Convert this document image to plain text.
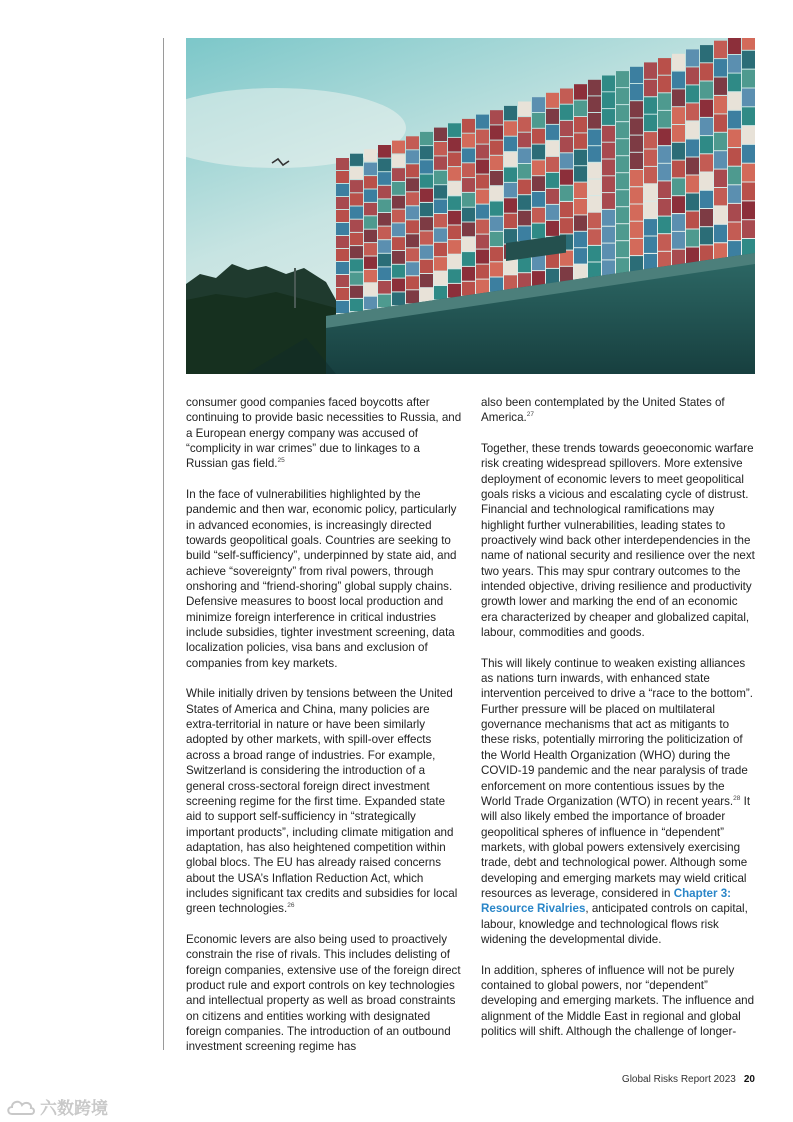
consumer good companies faced boycotts after continuing to provide basic necessities to Russia, and a European energy company was accused of “complicity in war crimes” due to linkages to a Russian gas field.$^{25}$

In the face of vulnerabilities highlighted by the pandemic and then war, economic policy, particularly in advanced economies, is increasingly directed towards geopolitical goals. Countries are seeking to build “self-sufficiency”, underpinned by state aid, and achieve “sovereignty” from rival powers, through onshoring and “friend-shoring” global supply chains. Defensive measures to boost local production and minimize foreign interference in critical industries include subsidies, tighter investment screening, data localization policies, visa bans and exclusion of companies from key markets.

While initially driven by tensions between the United States of America and China, many policies are extra-territorial in nature or have been similarly adopted by other markets, with spill-over effects across a broad range of industries. For example, Switzerland is considering the introduction of a general cross-sectoral foreign direct investment screening regime for the first time. Expanded state aid to support self-sufficiency in “strategically important products”, including climate mitigation and adaptation, has also heightened competition within global blocs. The EU has already raised concerns about the USA’s Inflation Reduction Act, which includes significant tax credits and subsidies for local green technologies.$^{26}$

Economic levers are also being used to proactively constrain the rise of rivals. This includes delisting of foreign companies, extensive use of the foreign direct product rule and export controls on key technologies and intellectual property as well as broad constraints on citizens and entities working with designated foreign companies. The introduction of an outbound investment screening regime has

also been contemplated by the United States of America.$^{27}$

Together, these trends towards geoeconomic warfare risk creating widespread spillovers. More extensive deployment of economic levers to meet geopolitical goals risks a vicious and escalating cycle of distrust. Financial and technological ramifications may highlight further vulnerabilities, leading states to proactively wind back other interdependencies in the name of national security and resilience over the next two years. This may spur contrary outcomes to the intended objective, driving resilience and productivity growth lower and marking the end of an economic era characterized by cheaper and globalized capital, labour, commodities and goods.

This will likely continue to weaken existing alliances as nations turn inwards, with enhanced state intervention perceived to drive a “race to the bottom”. Further pressure will be placed on multilateral governance mechanisms that act as mitigants to these risks, potentially mirroring the politicization of the World Health Organization (WHO) during the COVID-19 pandemic and the near paralysis of trade enforcement on more contentious issues by the World Trade Organization (WTO) in recent years.$^{28}$ It will also likely embed the importance of broader geopolitical spheres of influence in “dependent” markets, with global powers extensively exercising trade, debt and technological power. Although some developing and emerging markets may wield critical resources as leverage, considered in Chapter 3: Resource Rivalries, anticipated controls on capital, labour, knowledge and technological flows risk widening the developmental divide.

In addition, spheres of influence will not be purely contained to global powers, nor “dependent” developing and emerging markets. The influence and alignment of the Middle East in regional and global politics will shift. Although the challenge of longer-

Global Risks Report 2023 20
六数跨境
